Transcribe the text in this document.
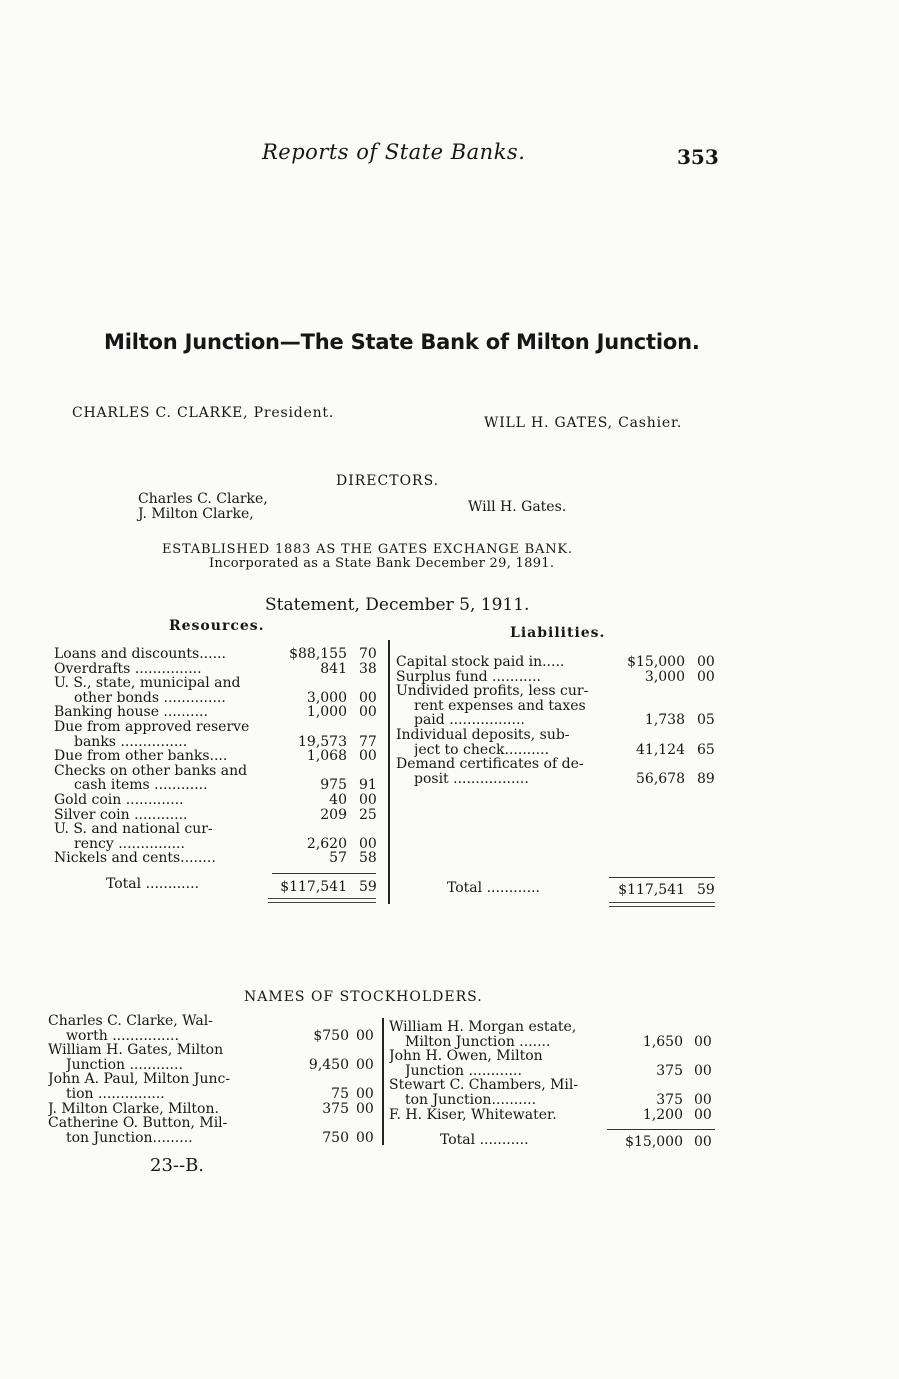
Reports of State Banks.	353
Milton Junction—The State Bank of Milton Junction.
CHARLES C. CLARKE, President.
WILL H. GATES, Cashier.
DIRECTORS.
Charles C. Clarke,
J. Milton Clarke,	Will H. Gates.
ESTABLISHED 1883 AS THE GATES EXCHANGE BANK.
Incorporated as a State Bank December 29, 1891.
Statement, December 5, 1911.
Resources.	Liabilities.
Loans and discounts......	$88,155 70
Overdrafts ...............	841 38
U. S., state, municipal and
other bonds ..............	3,000 00
Banking house ..........	1,000 00
Due from approved reserve
banks ...............	19,573 77
Due from other banks....	1,068 00
Checks on other banks and
cash items ............	975 91
Gold coin .............	40 00
Silver coin ............	209 25
U. S. and national cur-
rency ...............	2,620 00
Nickels and cents........	57 58
Capital stock paid in.....	$15,000 00
Surplus fund ...........	3,000 00
Undivided profits, less cur-
rent expenses and taxes
paid .................	1,738 05
Individual deposits, sub-
ject to check..........	41,124 65
Demand certificates of de-
posit .................	56,678 89
Total ............	$117,541 59	Total ............	$117,541 59
NAMES OF STOCKHOLDERS.
Charles C. Clarke, Wal-
worth ...............	$750 00
William H. Gates, Milton
Junction ............	9,450 00
John A. Paul, Milton Junc-
tion ...............	75 00
J. Milton Clarke, Milton.	375 00
Catherine O. Button, Mil-
ton Junction.........	750 00
William H. Morgan estate,
Milton Junction .......	1,650 00
John H. Owen, Milton
Junction ............	375 00
Stewart C. Chambers, Mil-
ton Junction..........	375 00
F. H. Kiser, Whitewater.	1,200 00
Total ...........	$15,000 00
23--B.
